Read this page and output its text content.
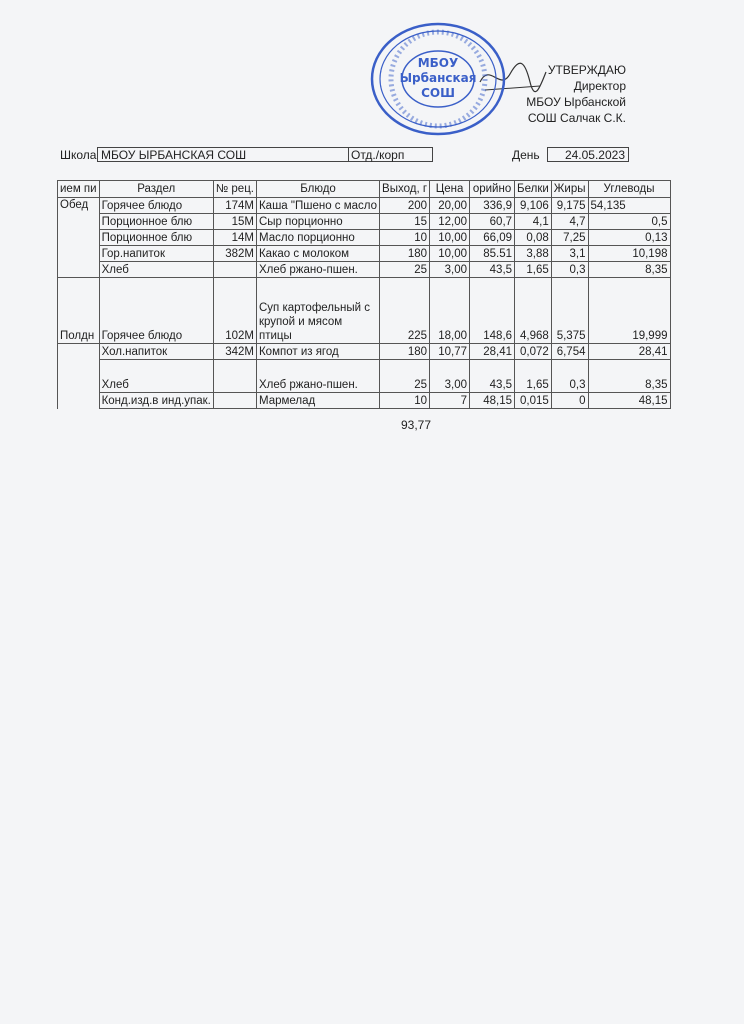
УТВЕРЖДАЮ
Директор
МБОУ Ырбанской
СОШ Салчак С.К.
МБОУ
Ырбанская
СОШ
Школа МБОУ ЫРБАНСКАЯ СОШ	Отд./корп	День	24.05.2023
ием пи	Раздел	№ рец.	Блюдо	Выход, г	Цена	орийно	Белки	Жиры	Углеводы
Обед	Горячее блюдо	174М	Каша "Пшено с масло	200	20,00	336,9	9,106	9,175	54,135
	Порционное блю	15М	Сыр порционно	15	12,00	60,7	4,1	4,7	0,5
	Порционное блю	14М	Масло порционно	10	10,00	66,09	0,08	7,25	0,13
	Гор.напиток	382М	Какао с молоком	180	10,00	85.51	3,88	3,1	10,198
	Хлеб		Хлеб ржано-пшен.	25	3,00	43,5	1,65	0,3	8,35
Полдн	Горячее блюдо	102М	Суп картофельный с крупой и мясом птицы	225	18,00	148,6	4,968	5,375	19,999
	Хол.напиток	342М	Компот из ягод	180	10,77	28,41	0,072	6,754	28,41
	Хлеб		Хлеб ржано-пшен.	25	3,00	43,5	1,65	0,3	8,35
	Конд.изд.в инд.упак.		Мармелад	10	7	48,15	0,015	0	48,15
93,77
